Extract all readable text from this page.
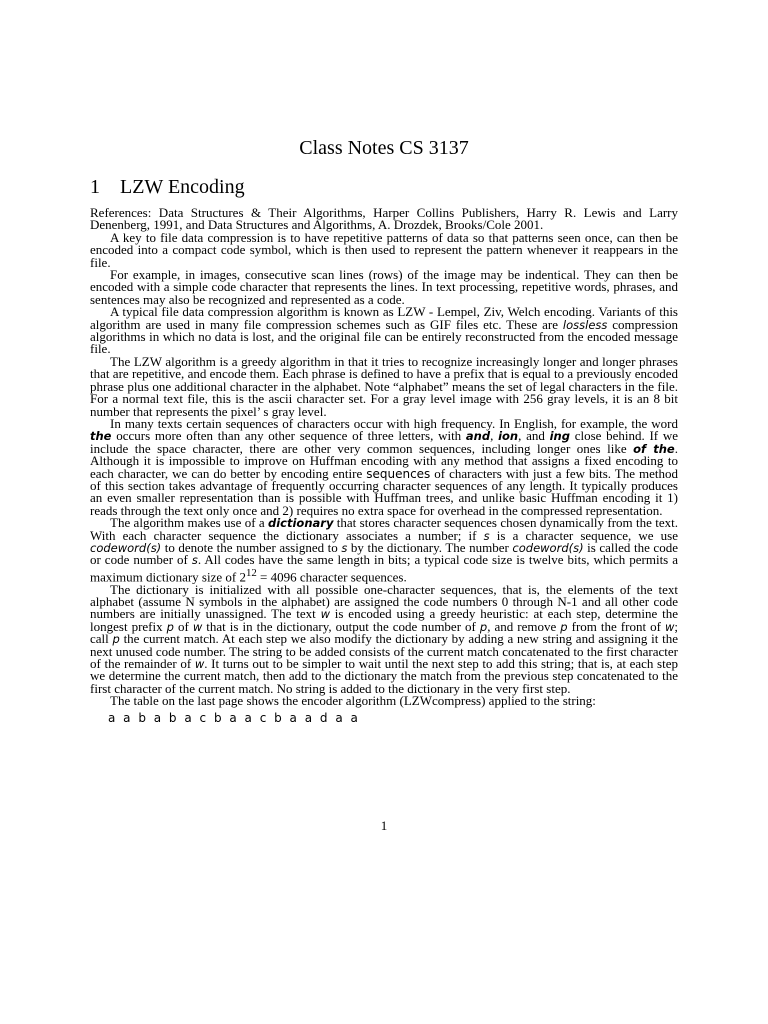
Class Notes CS 3137
1 LZW Encoding

References: Data Structures & Their Algorithms, Harper Collins Publishers, Harry R. Lewis and Larry Denenberg, 1991, and Data Structures and Algorithms, A. Drozdek, Brooks/Cole 2001.

A key to file data compression is to have repetitive patterns of data so that patterns seen once, can then be encoded into a compact code symbol, which is then used to represent the pattern whenever it reappears in the file.

For example, in images, consecutive scan lines (rows) of the image may be indentical. They can then be encoded with a simple code character that represents the lines. In text processing, repetitive words, phrases, and sentences may also be recognized and represented as a code.

A typical file data compression algorithm is known as LZW - Lempel, Ziv, Welch encoding. Variants of this algorithm are used in many file compression schemes such as GIF files etc. These are lossless compression algorithms in which no data is lost, and the original file can be entirely reconstructed from the encoded message file.

The LZW algorithm is a greedy algorithm in that it tries to recognize increasingly longer and longer phrases that are repetitive, and encode them. Each phrase is defined to have a prefix that is equal to a previously encoded phrase plus one additional character in the alphabet. Note “alphabet” means the set of legal characters in the file. For a normal text file, this is the ascii character set. For a gray level image with 256 gray levels, it is an 8 bit number that represents the pixel’ s gray level.

In many texts certain sequences of characters occur with high frequency. In English, for example, the word the occurs more often than any other sequence of three letters, with and, ion, and ing close behind. If we include the space character, there are other very common sequences, including longer ones like of the. Although it is impossible to improve on Huffman encoding with any method that assigns a fixed encoding to each character, we can do better by encoding entire sequences of characters with just a few bits. The method of this section takes advantage of frequently occurring character sequences of any length. It typically produces an even smaller representation than is possible with Huffman trees, and unlike basic Huffman encoding it 1) reads through the text only once and 2) requires no extra space for overhead in the compressed representation.

The algorithm makes use of a dictionary that stores character sequences chosen dynamically from the text. With each character sequence the dictionary associates a number; if s is a character sequence, we use codeword(s) to denote the number assigned to s by the dictionary. The number codeword(s) is called the code or code number of s. All codes have the same length in bits; a typical code size is twelve bits, which permits a maximum dictionary size of $2^{12} = 4096$ character sequences.

The dictionary is initialized with all possible one-character sequences, that is, the elements of the text alphabet (assume N symbols in the alphabet) are assigned the code numbers 0 through N-1 and all other code numbers are initially unassigned. The text w is encoded using a greedy heuristic: at each step, determine the longest prefix p of w that is in the dictionary, output the code number of p, and remove p from the front of w; call p the current match. At each step we also modify the dictionary by adding a new string and assigning it the next unused code number. The string to be added consists of the current match concatenated to the first character of the remainder of w. It turns out to be simpler to wait until the next step to add this string; that is, at each step we determine the current match, then add to the dictionary the match from the previous step concatenated to the first character of the current match. No string is added to the dictionary in the very first step.

The table on the last page shows the encoder algorithm (LZWcompress) applied to the string:

a a b a b a c b a a c b a a d a a
1
